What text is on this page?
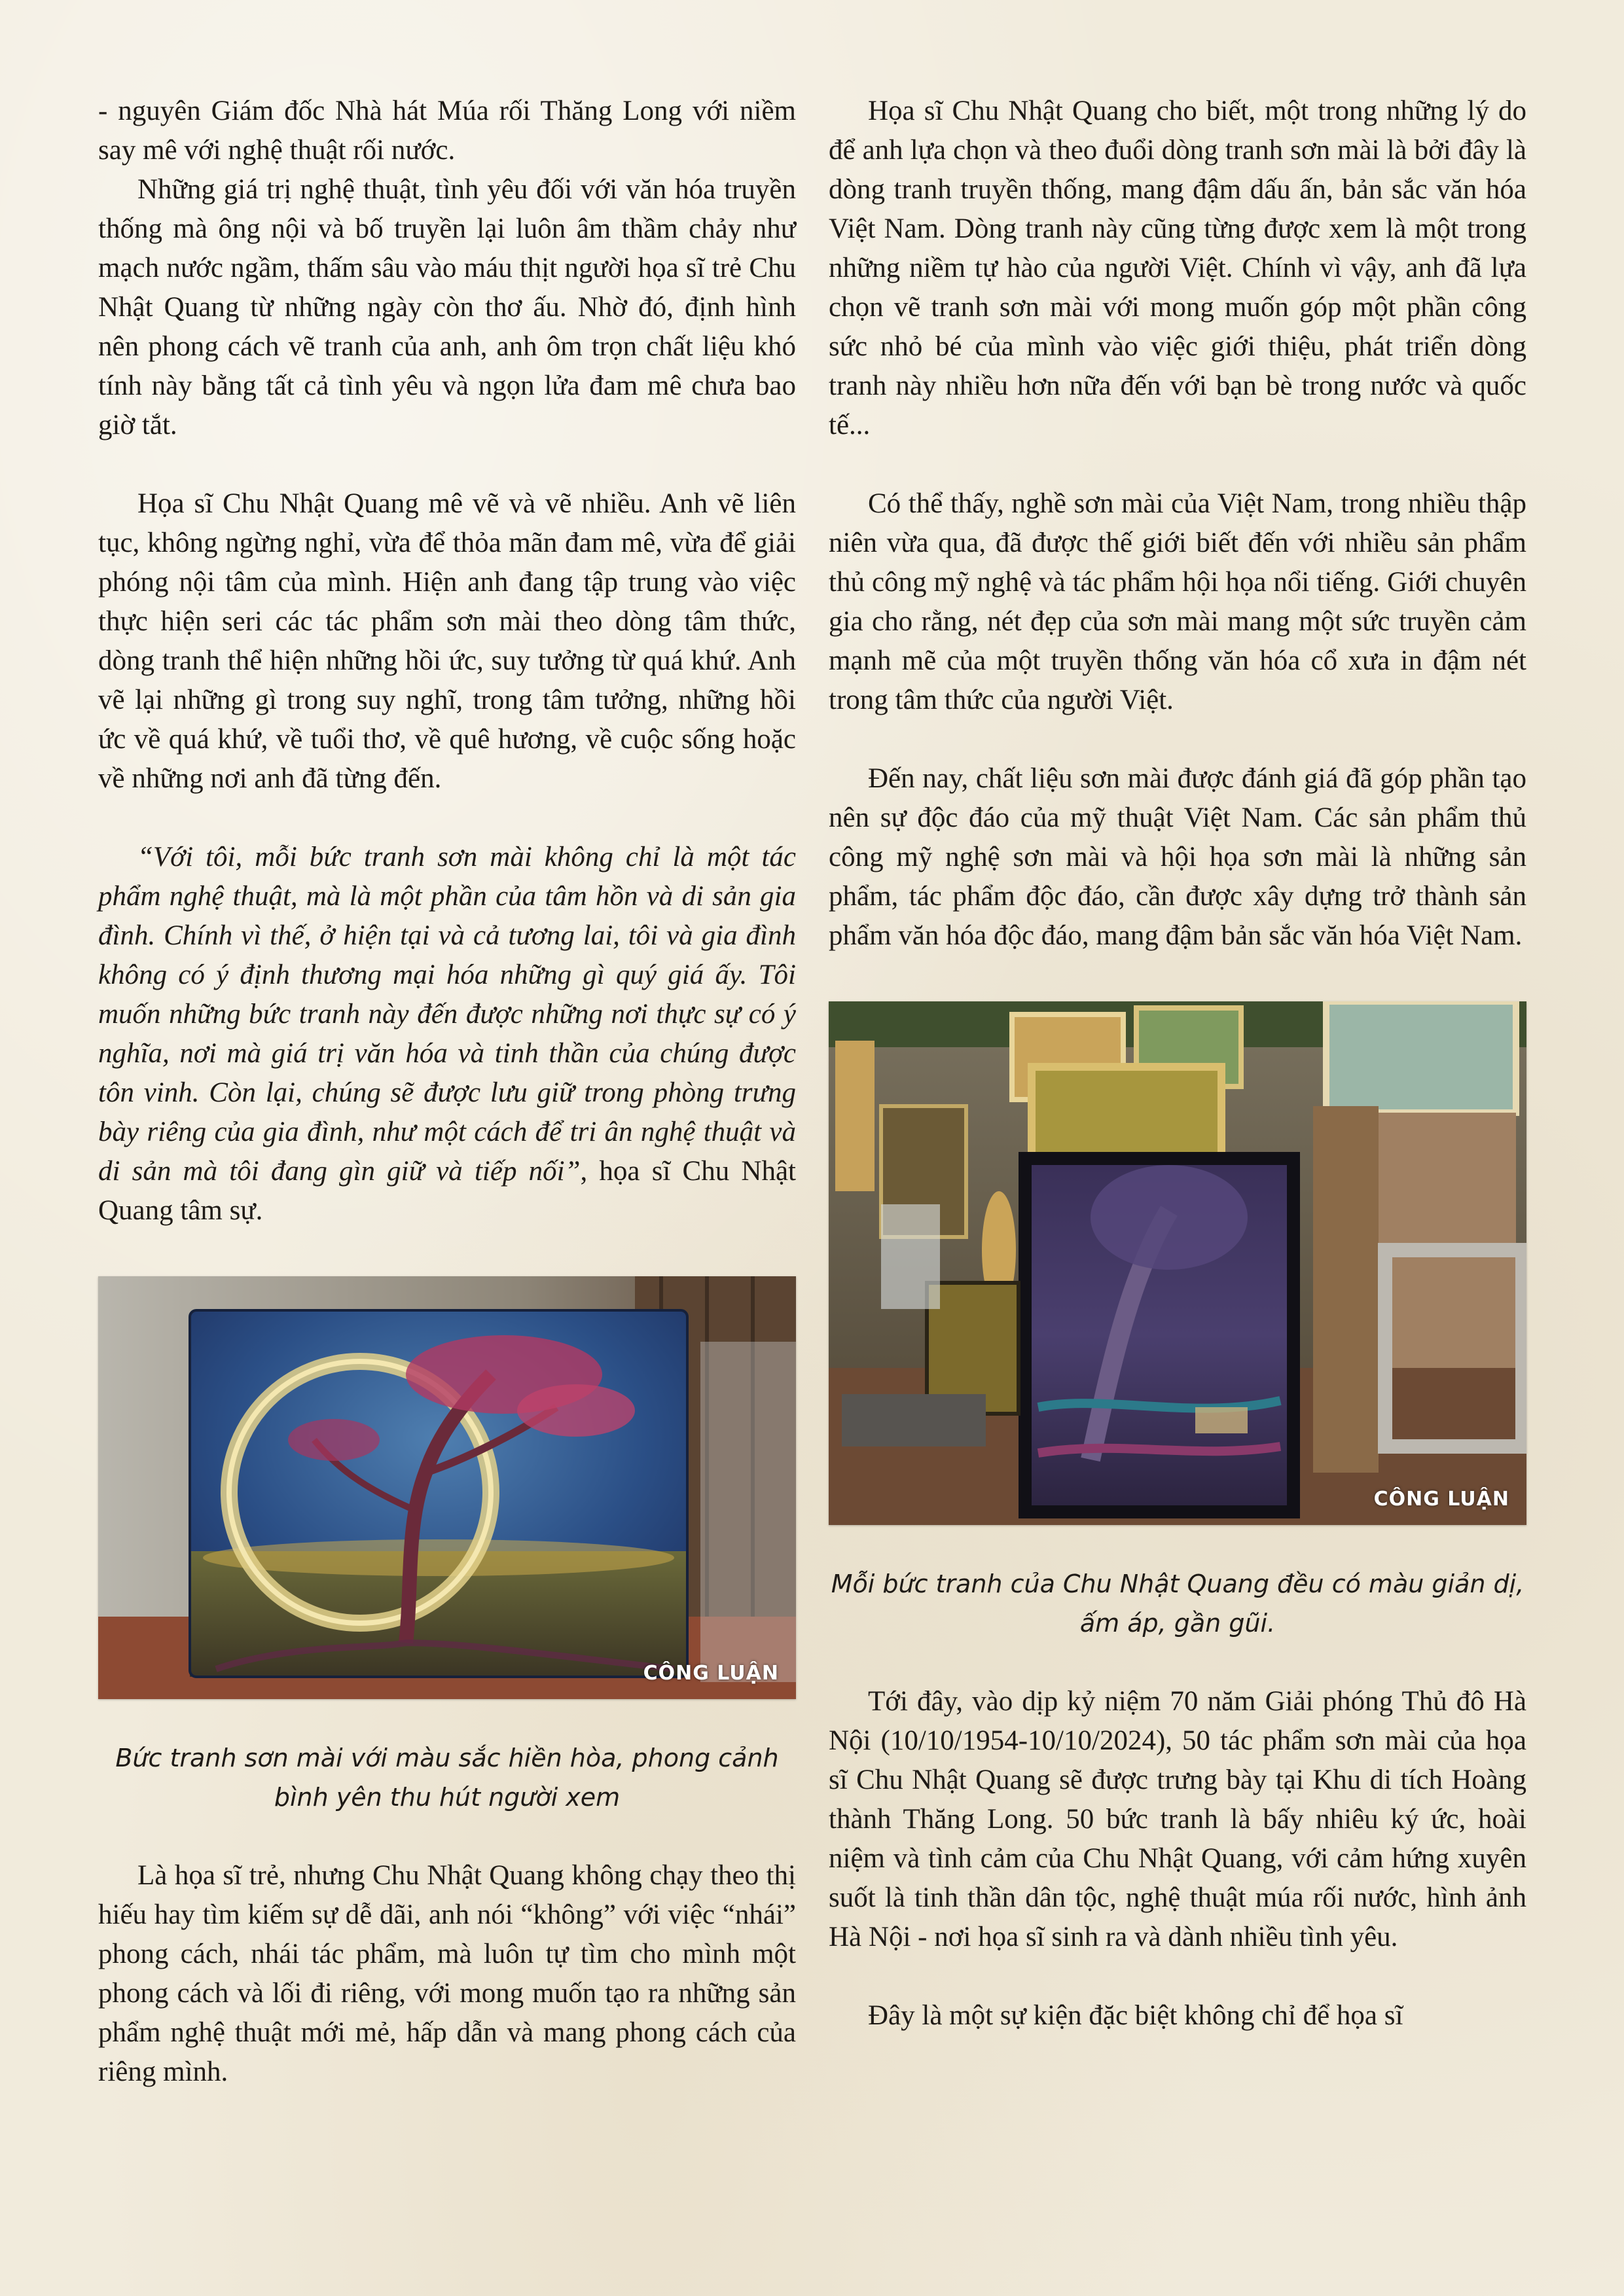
- nguyên Giám đốc Nhà hát Múa rối Thăng Long với niềm say mê với nghệ thuật rối nước.

Những giá trị nghệ thuật, tình yêu đối với văn hóa truyền thống mà ông nội và bố truyền lại luôn âm thầm chảy như mạch nước ngầm, thấm sâu vào máu thịt người họa sĩ trẻ Chu Nhật Quang từ những ngày còn thơ ấu. Nhờ đó, định hình nên phong cách vẽ tranh của anh, anh ôm trọn chất liệu khó tính này bằng tất cả tình yêu và ngọn lửa đam mê chưa bao giờ tắt.

Họa sĩ Chu Nhật Quang mê vẽ và vẽ nhiều. Anh vẽ liên tục, không ngừng nghỉ, vừa để thỏa mãn đam mê, vừa để giải phóng nội tâm của mình. Hiện anh đang tập trung vào việc thực hiện seri các tác phẩm sơn mài theo dòng tâm thức, dòng tranh thể hiện những hồi ức, suy tưởng từ quá khứ. Anh vẽ lại những gì trong suy nghĩ, trong tâm tưởng, những hồi ức về quá khứ, về tuổi thơ, về quê hương, về cuộc sống hoặc về những nơi anh đã từng đến.

“Với tôi, mỗi bức tranh sơn mài không chỉ là một tác phẩm nghệ thuật, mà là một phần của tâm hồn và di sản gia đình. Chính vì thế, ở hiện tại và cả tương lai, tôi và gia đình không có ý định thương mại hóa những gì quý giá ấy. Tôi muốn những bức tranh này đến được những nơi thực sự có ý nghĩa, nơi mà giá trị văn hóa và tinh thần của chúng được tôn vinh. Còn lại, chúng sẽ được lưu giữ trong phòng trưng bày riêng của gia đình, như một cách để tri ân nghệ thuật và di sản mà tôi đang gìn giữ và tiếp nối”, họa sĩ Chu Nhật Quang tâm sự.

CÔNG LUẬN

Bức tranh sơn mài với màu sắc hiền hòa, phong cảnh bình yên thu hút người xem

Là họa sĩ trẻ, nhưng Chu Nhật Quang không chạy theo thị hiếu hay tìm kiếm sự dễ dãi, anh nói “không” với việc “nhái” phong cách, nhái tác phẩm, mà luôn tự tìm cho mình một phong cách và lối đi riêng, với mong muốn tạo ra những sản phẩm nghệ thuật mới mẻ, hấp dẫn và mang phong cách của riêng mình.

Họa sĩ Chu Nhật Quang cho biết, một trong những lý do để anh lựa chọn và theo đuổi dòng tranh sơn mài là bởi đây là dòng tranh truyền thống, mang đậm dấu ấn, bản sắc văn hóa Việt Nam. Dòng tranh này cũng từng được xem là một trong những niềm tự hào của người Việt. Chính vì vậy, anh đã lựa chọn vẽ tranh sơn mài với mong muốn góp một phần công sức nhỏ bé của mình vào việc giới thiệu, phát triển dòng tranh này nhiều hơn nữa đến với bạn bè trong nước và quốc tế...

Có thể thấy, nghề sơn mài của Việt Nam, trong nhiều thập niên vừa qua, đã được thế giới biết đến với nhiều sản phẩm thủ công mỹ nghệ và tác phẩm hội họa nổi tiếng. Giới chuyên gia cho rằng, nét đẹp của sơn mài mang một sức truyền cảm mạnh mẽ của một truyền thống văn hóa cổ xưa in đậm nét trong tâm thức của người Việt.

Đến nay, chất liệu sơn mài được đánh giá đã góp phần tạo nên sự độc đáo của mỹ thuật Việt Nam. Các sản phẩm thủ công mỹ nghệ sơn mài và hội họa sơn mài là những sản phẩm, tác phẩm độc đáo, cần được xây dựng trở thành sản phẩm văn hóa độc đáo, mang đậm bản sắc văn hóa Việt Nam.

CÔNG LUẬN

Mỗi bức tranh của Chu Nhật Quang đều có màu giản dị, ấm áp, gần gũi.

Tới đây, vào dịp kỷ niệm 70 năm Giải phóng Thủ đô Hà Nội (10/10/1954-10/10/2024), 50 tác phẩm sơn mài của họa sĩ Chu Nhật Quang sẽ được trưng bày tại Khu di tích Hoàng thành Thăng Long. 50 bức tranh là bấy nhiêu ký ức, hoài niệm và tình cảm của Chu Nhật Quang, với cảm hứng xuyên suốt là tinh thần dân tộc, nghệ thuật múa rối nước, hình ảnh Hà Nội - nơi họa sĩ sinh ra và dành nhiều tình yêu.

Đây là một sự kiện đặc biệt không chỉ để họa sĩ
